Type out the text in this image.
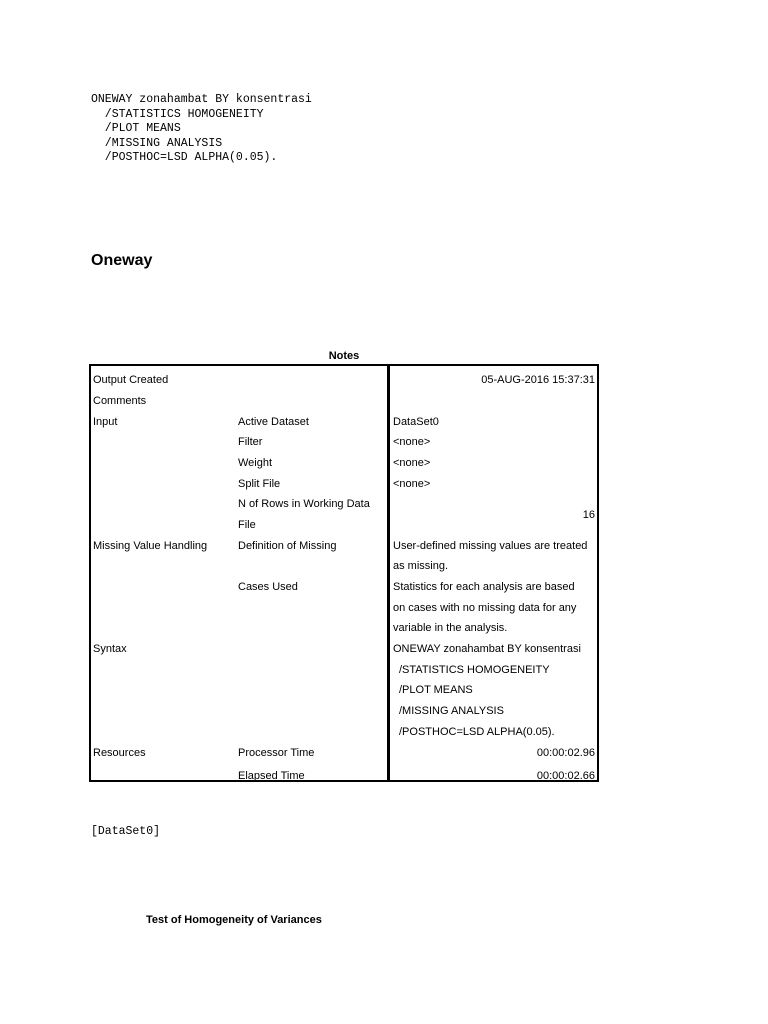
ONEWAY zonahambat BY konsentrasi
/STATISTICS HOMOGENEITY
/PLOT MEANS
/MISSING ANALYSIS
/POSTHOC=LSD ALPHA(0.05).
Oneway
Notes
Output Created
Comments
Input
Missing Value Handling
Syntax
Resources
Active Dataset
Filter
Weight
Split File
N of Rows in Working Data
File
Definition of Missing
Cases Used
Processor Time
Elapsed Time
05-AUG-2016 15:37:31
DataSet0
<none>
<none>
<none>
16
User-defined missing values are treated
as missing.
Statistics for each analysis are based
on cases with no missing data for any
variable in the analysis.
ONEWAY zonahambat BY konsentrasi
/STATISTICS HOMOGENEITY
/PLOT MEANS
/MISSING ANALYSIS
/POSTHOC=LSD ALPHA(0.05).
00:00:02.96
00:00:02.66
[DataSet0]
Test of Homogeneity of Variances
